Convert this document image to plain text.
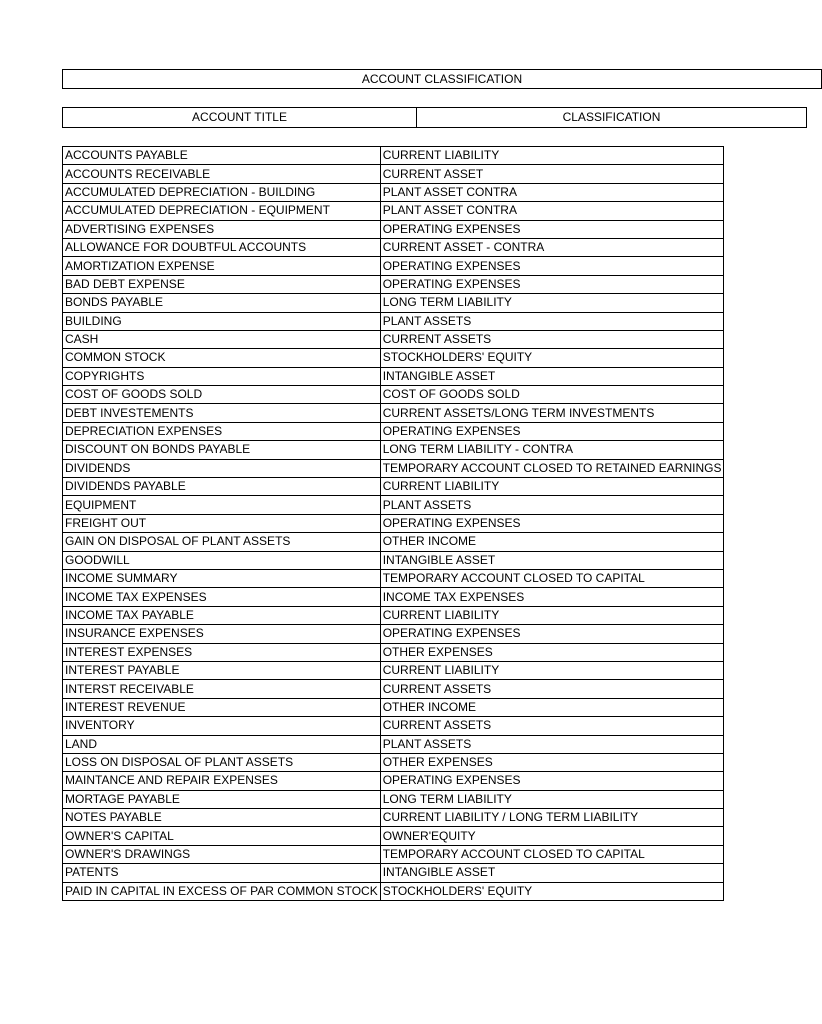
ACCOUNT CLASSIFICATION
ACCOUNT TITLE	CLASSIFICATION
ACCOUNTS PAYABLE	CURRENT LIABILITY
ACCOUNTS RECEIVABLE	CURRENT ASSET
ACCUMULATED DEPRECIATION - BUILDING	PLANT ASSET CONTRA
ACCUMULATED DEPRECIATION - EQUIPMENT	PLANT ASSET CONTRA
ADVERTISING EXPENSES	OPERATING EXPENSES
ALLOWANCE FOR DOUBTFUL ACCOUNTS	CURRENT ASSET - CONTRA
AMORTIZATION EXPENSE	OPERATING EXPENSES
BAD DEBT EXPENSE	OPERATING EXPENSES
BONDS PAYABLE	LONG TERM LIABILITY
BUILDING	PLANT ASSETS
CASH	CURRENT ASSETS
COMMON STOCK	STOCKHOLDERS' EQUITY
COPYRIGHTS	INTANGIBLE ASSET
COST OF GOODS SOLD	COST OF GOODS SOLD
DEBT INVESTEMENTS	CURRENT ASSETS/LONG TERM INVESTMENTS
DEPRECIATION EXPENSES	OPERATING EXPENSES
DISCOUNT ON BONDS PAYABLE	LONG TERM LIABILITY - CONTRA
DIVIDENDS	TEMPORARY ACCOUNT CLOSED TO RETAINED EARNINGS
DIVIDENDS PAYABLE	CURRENT LIABILITY
EQUIPMENT	PLANT ASSETS
FREIGHT OUT	OPERATING EXPENSES
GAIN ON DISPOSAL OF PLANT ASSETS	OTHER INCOME
GOODWILL	INTANGIBLE ASSET
INCOME SUMMARY	TEMPORARY ACCOUNT CLOSED TO CAPITAL
INCOME TAX EXPENSES	INCOME TAX EXPENSES
INCOME TAX PAYABLE	CURRENT LIABILITY
INSURANCE EXPENSES	OPERATING EXPENSES
INTEREST EXPENSES	OTHER EXPENSES
INTEREST PAYABLE	CURRENT LIABILITY
INTERST RECEIVABLE	CURRENT ASSETS
INTEREST REVENUE	OTHER INCOME
INVENTORY	CURRENT ASSETS
LAND	PLANT ASSETS
LOSS ON DISPOSAL OF PLANT ASSETS	OTHER EXPENSES
MAINTANCE AND REPAIR EXPENSES	OPERATING EXPENSES
MORTAGE PAYABLE	LONG TERM LIABILITY
NOTES PAYABLE	CURRENT LIABILITY / LONG TERM LIABILITY
OWNER'S CAPITAL	OWNER'EQUITY
OWNER'S DRAWINGS	TEMPORARY ACCOUNT CLOSED TO CAPITAL
PATENTS	INTANGIBLE ASSET
PAID IN CAPITAL IN EXCESS OF PAR COMMON STOCK	STOCKHOLDERS' EQUITY
